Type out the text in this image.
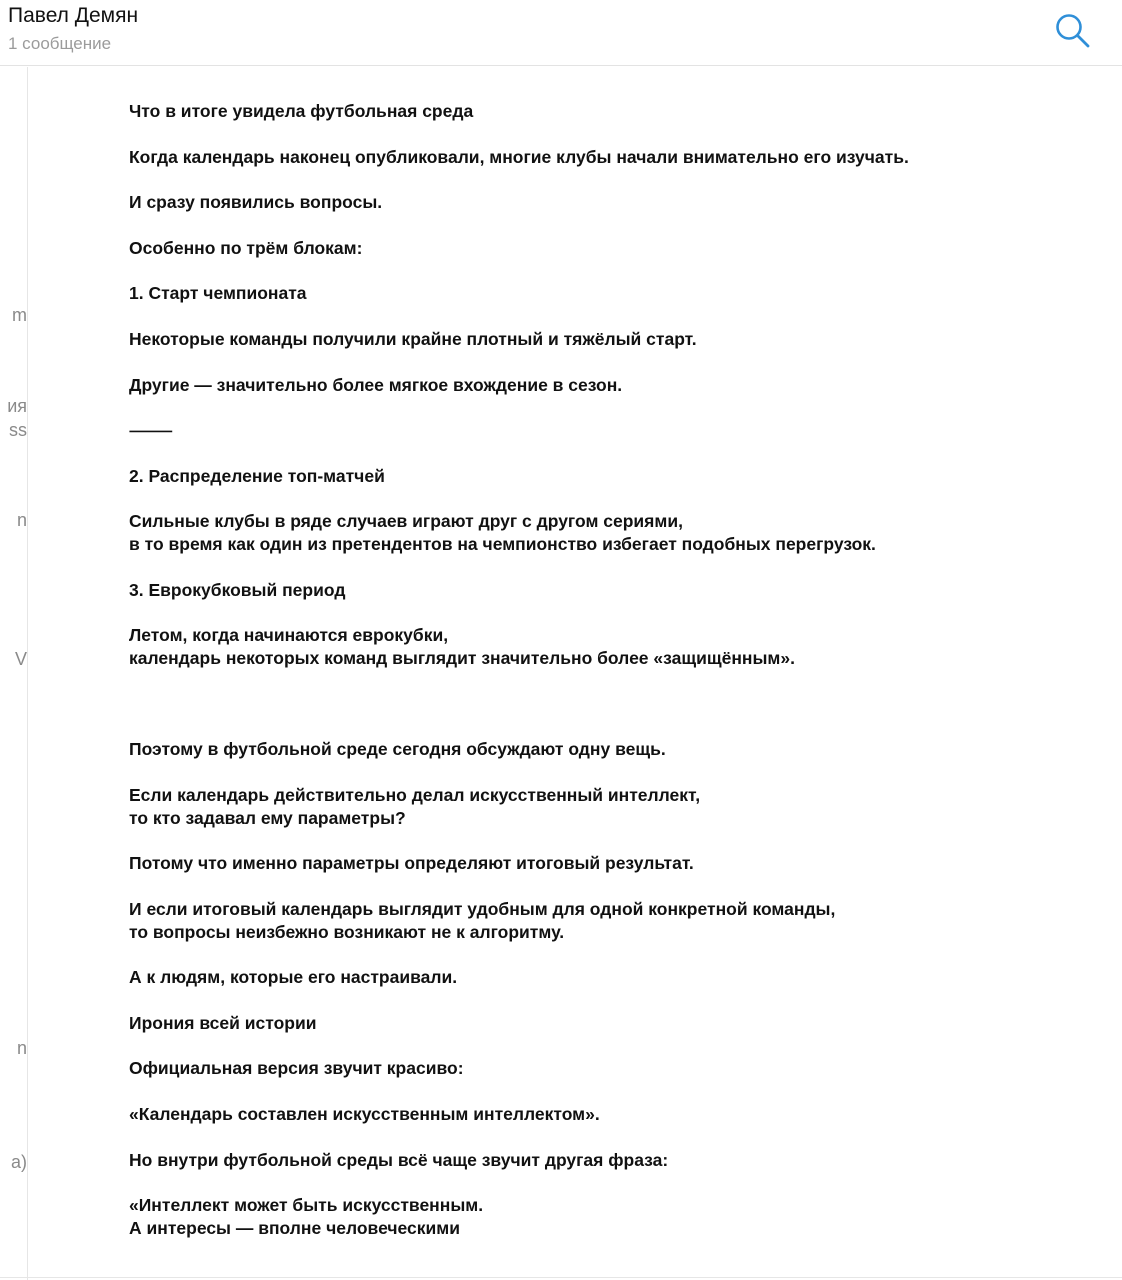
Павел Демян
1 сообщение
m
ия
ss
n
V
n
a)
Что в итоге увидела футбольная среда
Когда календарь наконец опубликовали, многие клубы начали внимательно его изучать.
И сразу появились вопросы.
Особенно по трём блокам:
1. Старт чемпионата
Некоторые команды получили крайне плотный и тяжёлый старт.
Другие — значительно более мягкое вхождение в сезон.
⸻
2. Распределение топ-матчей
Сильные клубы в ряде случаев играют друг с другом сериями,
в то время как один из претендентов на чемпионство избегает подобных перегрузок.
3. Еврокубковый период
Летом, когда начинаются еврокубки,
календарь некоторых команд выглядит значительно более «защищённым».
Поэтому в футбольной среде сегодня обсуждают одну вещь.
Если календарь действительно делал искусственный интеллект,
то кто задавал ему параметры?
Потому что именно параметры определяют итоговый результат.
И если итоговый календарь выглядит удобным для одной конкретной команды,
то вопросы неизбежно возникают не к алгоритму.
А к людям, которые его настраивали.
Ирония всей истории
Официальная версия звучит красиво:
«Календарь составлен искусственным интеллектом».
Но внутри футбольной среды всё чаще звучит другая фраза:
«Интеллект может быть искусственным.
А интересы — вполне человеческими
